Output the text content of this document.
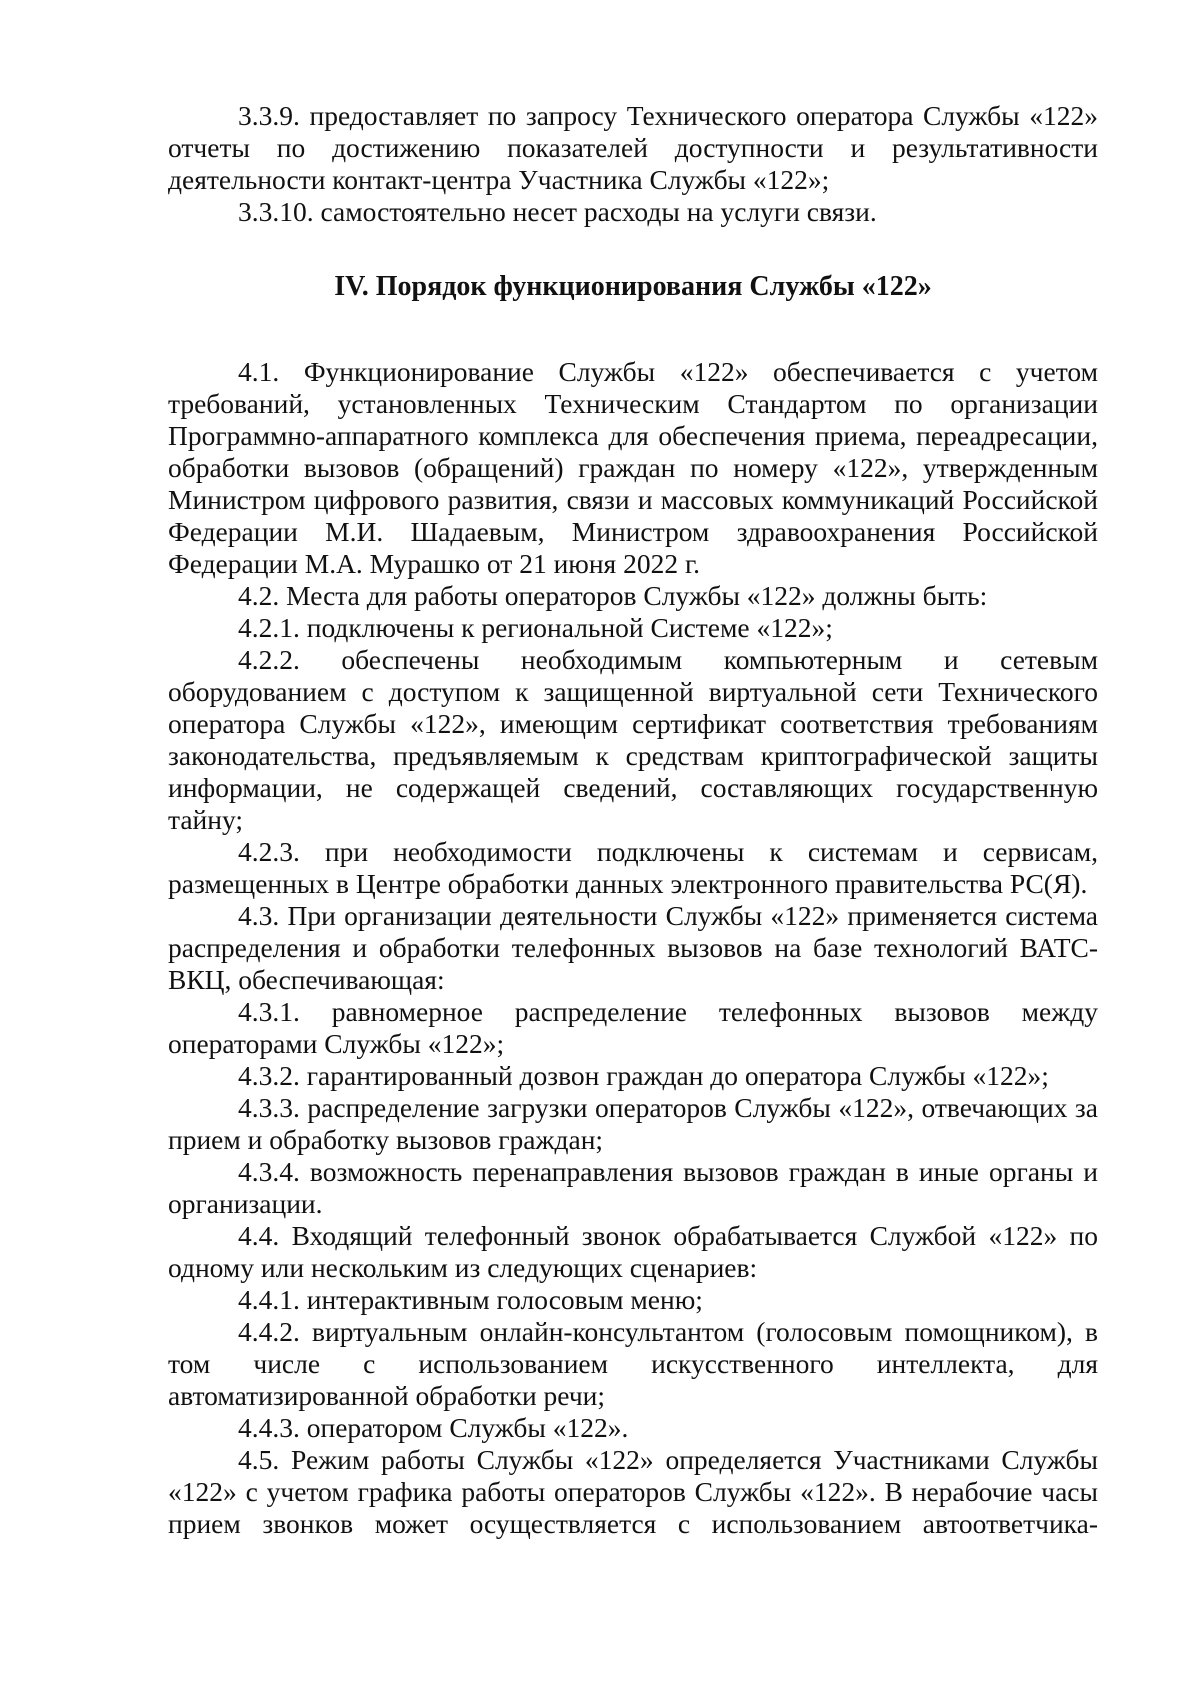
3.3.9. предоставляет по запросу Технического оператора Службы «122» отчеты по достижению показателей доступности и результативности деятельности контакт-центра Участника Службы «122»;

3.3.10. самостоятельно несет расходы на услуги связи.

IV. Порядок функционирования Службы «122»

4.1. Функционирование Службы «122» обеспечивается с учетом требований, установленных Техническим Стандартом по организации Программно-аппаратного комплекса для обеспечения приема, переадресации, обработки вызовов (обращений) граждан по номеру «122», утвержденным Министром цифрового развития, связи и массовых коммуникаций Российской Федерации М.И. Шадаевым, Министром здравоохранения Российской Федерации М.А. Мурашко от 21 июня 2022 г.

4.2. Места для работы операторов Службы «122» должны быть:

4.2.1. подключены к региональной Системе «122»;

4.2.2. обеспечены необходимым компьютерным и сетевым оборудованием с доступом к защищенной виртуальной сети Технического оператора Службы «122», имеющим сертификат соответствия требованиям законодательства, предъявляемым к средствам криптографической защиты информации, не содержащей сведений, составляющих государственную тайну;

4.2.3. при необходимости подключены к системам и сервисам, размещенных в Центре обработки данных электронного правительства РС(Я).

4.3. При организации деятельности Службы «122» применяется система распределения и обработки телефонных вызовов на базе технологий ВАТС-ВКЦ, обеспечивающая:

4.3.1. равномерное распределение телефонных вызовов между операторами Службы «122»;

4.3.2. гарантированный дозвон граждан до оператора Службы «122»;

4.3.3. распределение загрузки операторов Службы «122», отвечающих за прием и обработку вызовов граждан;

4.3.4. возможность перенаправления вызовов граждан в иные органы и организации.

4.4. Входящий телефонный звонок обрабатывается Службой «122» по одному или нескольким из следующих сценариев:

4.4.1. интерактивным голосовым меню;

4.4.2. виртуальным онлайн-консультантом (голосовым помощником), в том числе с использованием искусственного интеллекта, для автоматизированной обработки речи;

4.4.3. оператором Службы «122».

4.5. Режим работы Службы «122» определяется Участниками Службы «122» с учетом графика работы операторов Службы «122». В нерабочие часы прием звонков может осуществляется с использованием автоответчика-
